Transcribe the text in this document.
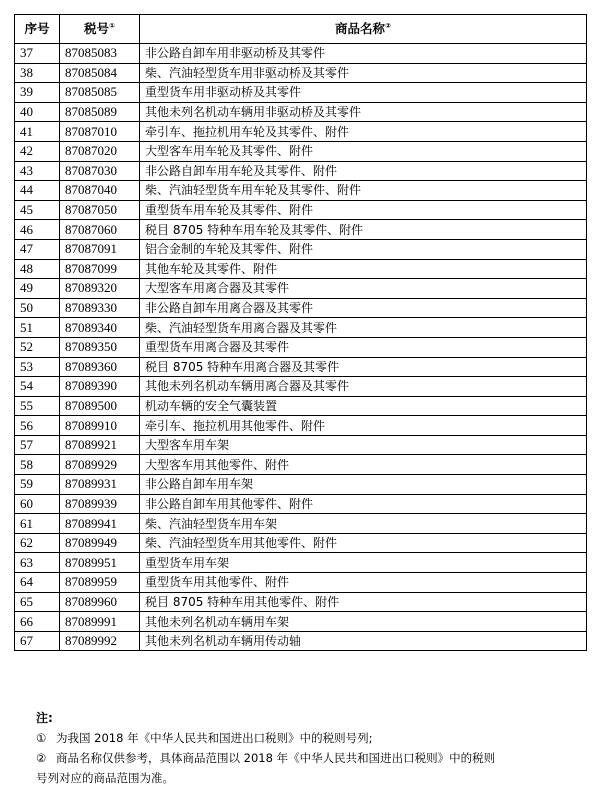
序号	税号①	商品名称②
37	87085083	非公路自卸车用非驱动桥及其零件
38	87085084	柴、汽油轻型货车用非驱动桥及其零件
39	87085085	重型货车用非驱动桥及其零件
40	87085089	其他未列名机动车辆用非驱动桥及其零件
41	87087010	牵引车、拖拉机用车轮及其零件、附件
42	87087020	大型客车用车轮及其零件、附件
43	87087030	非公路自卸车用车轮及其零件、附件
44	87087040	柴、汽油轻型货车用车轮及其零件、附件
45	87087050	重型货车用车轮及其零件、附件
46	87087060	税目 8705 特种车用车轮及其零件、附件
47	87087091	铝合金制的车轮及其零件、附件
48	87087099	其他车轮及其零件、附件
49	87089320	大型客车用离合器及其零件
50	87089330	非公路自卸车用离合器及其零件
51	87089340	柴、汽油轻型货车用离合器及其零件
52	87089350	重型货车用离合器及其零件
53	87089360	税目 8705 特种车用离合器及其零件
54	87089390	其他未列名机动车辆用离合器及其零件
55	87089500	机动车辆的安全气囊装置
56	87089910	牵引车、拖拉机用其他零件、附件
57	87089921	大型客车用车架
58	87089929	大型客车用其他零件、附件
59	87089931	非公路自卸车用车架
60	87089939	非公路自卸车用其他零件、附件
61	87089941	柴、汽油轻型货车用车架
62	87089949	柴、汽油轻型货车用其他零件、附件
63	87089951	重型货车用车架
64	87089959	重型货车用其他零件、附件
65	87089960	税目 8705 特种车用其他零件、附件
66	87089991	其他未列名机动车辆用车架
67	87089992	其他未列名机动车辆用传动轴
注:
① 为我国 2018 年《中华人民共和国进出口税则》中的税则号列;
② 商品名称仅供参考，具体商品范围以 2018 年《中华人民共和国进出口税则》中的税则
号列对应的商品范围为准。
